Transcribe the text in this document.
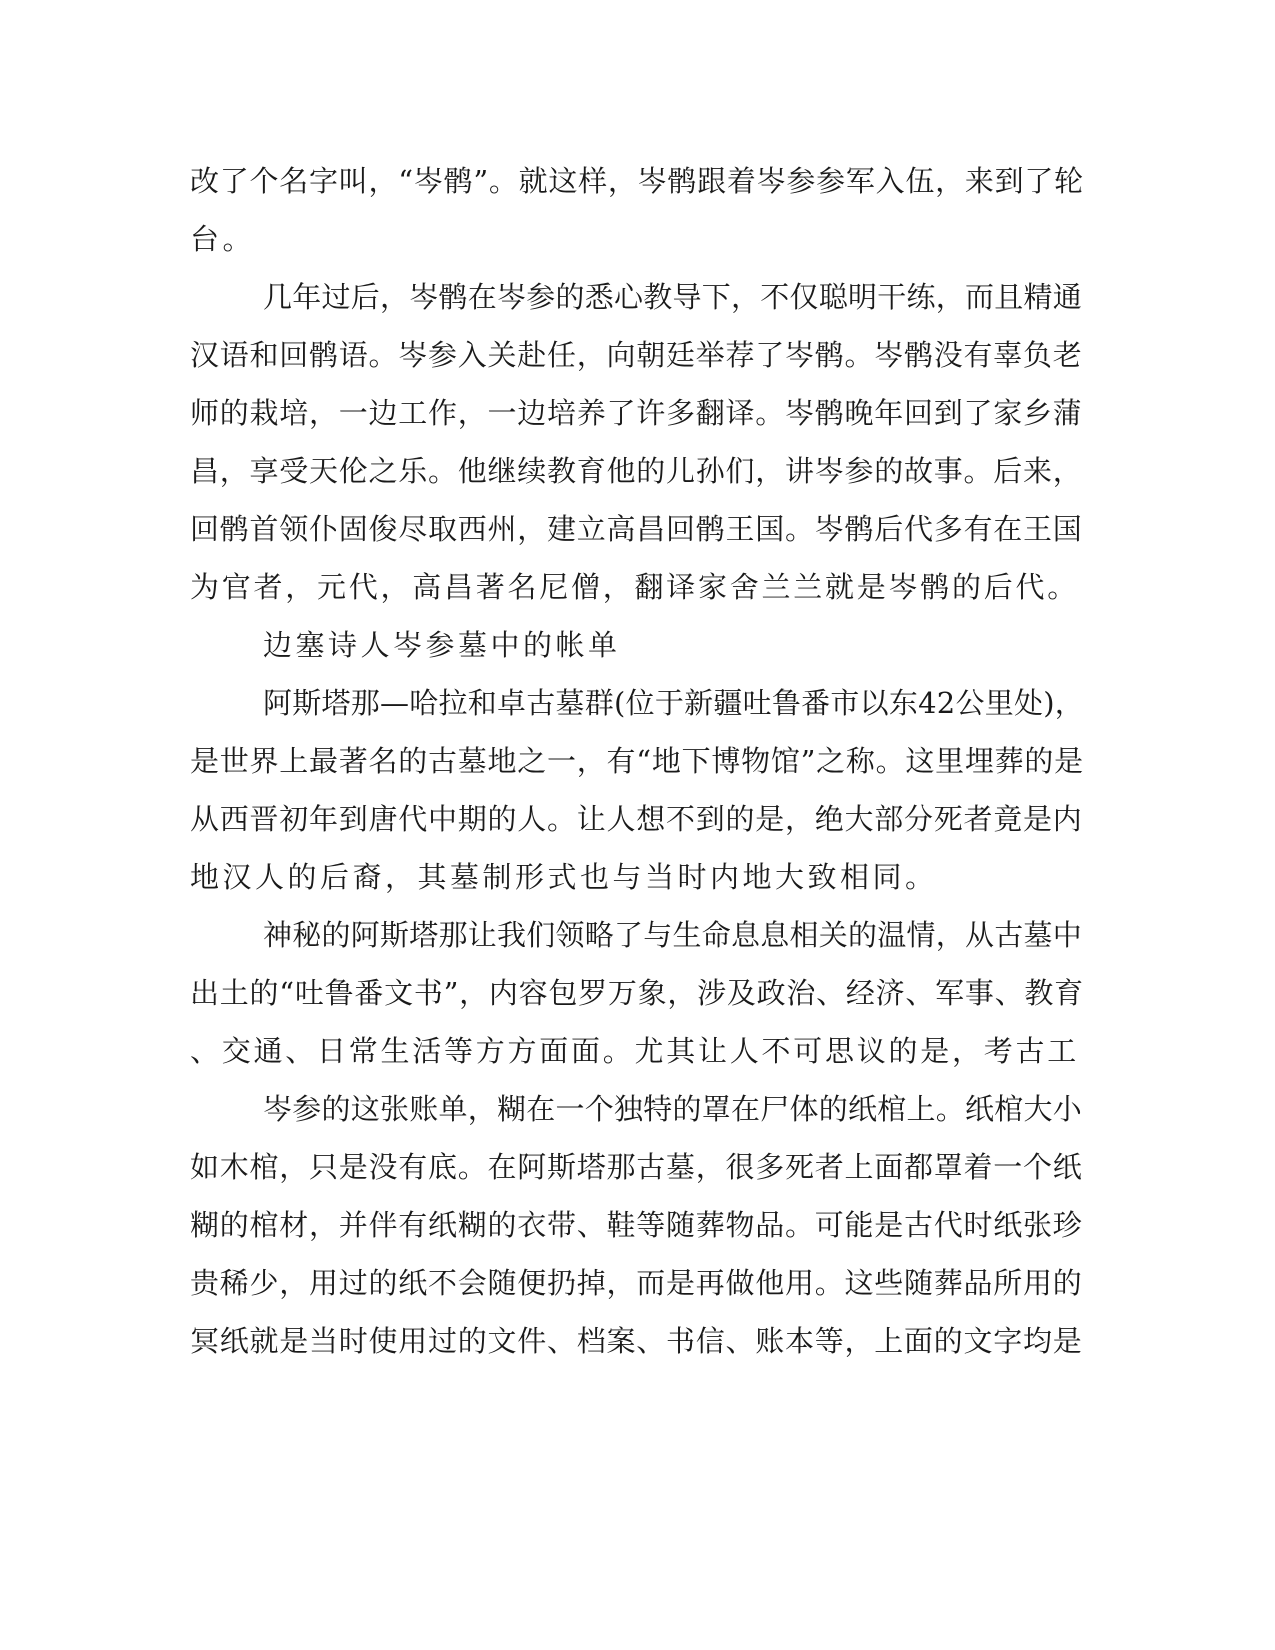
改了个名字叫，“岑鹘”。就这样，岑鹘跟着岑参参军入伍，来到了轮

台。

几年过后，岑鹘在岑参的悉心教导下，不仅聪明干练，而且精通

汉语和回鹘语。岑参入关赴任，向朝廷举荐了岑鹘。岑鹘没有辜负老

师的栽培，一边工作，一边培养了许多翻译。岑鹘晚年回到了家乡蒲

昌，享受天伦之乐。他继续教育他的儿孙们，讲岑参的故事。后来，

回鹘首领仆固俊尽取西州，建立高昌回鹘王国。岑鹘后代多有在王国

为官者，元代，高昌著名尼僧，翻译家舍兰兰就是岑鹘的后代。

边塞诗人岑参墓中的帐单

阿斯塔那—哈拉和卓古墓群(位于新疆吐鲁番市以东42公里处)，

是世界上最著名的古墓地之一，有“地下博物馆”之称。这里埋葬的是

从西晋初年到唐代中期的人。让人想不到的是，绝大部分死者竟是内

地汉人的后裔，其墓制形式也与当时内地大致相同。

神秘的阿斯塔那让我们领略了与生命息息相关的温情，从古墓中

出土的“吐鲁番文书”，内容包罗万象，涉及政治、经济、军事、教育

、交通、日常生活等方方面面。尤其让人不可思议的是，考古工

岑参的这张账单，糊在一个独特的罩在尸体的纸棺上。纸棺大小

如木棺，只是没有底。在阿斯塔那古墓，很多死者上面都罩着一个纸

糊的棺材，并伴有纸糊的衣带、鞋等随葬物品。可能是古代时纸张珍

贵稀少，用过的纸不会随便扔掉，而是再做他用。这些随葬品所用的

冥纸就是当时使用过的文件、档案、书信、账本等，上面的文字均是
